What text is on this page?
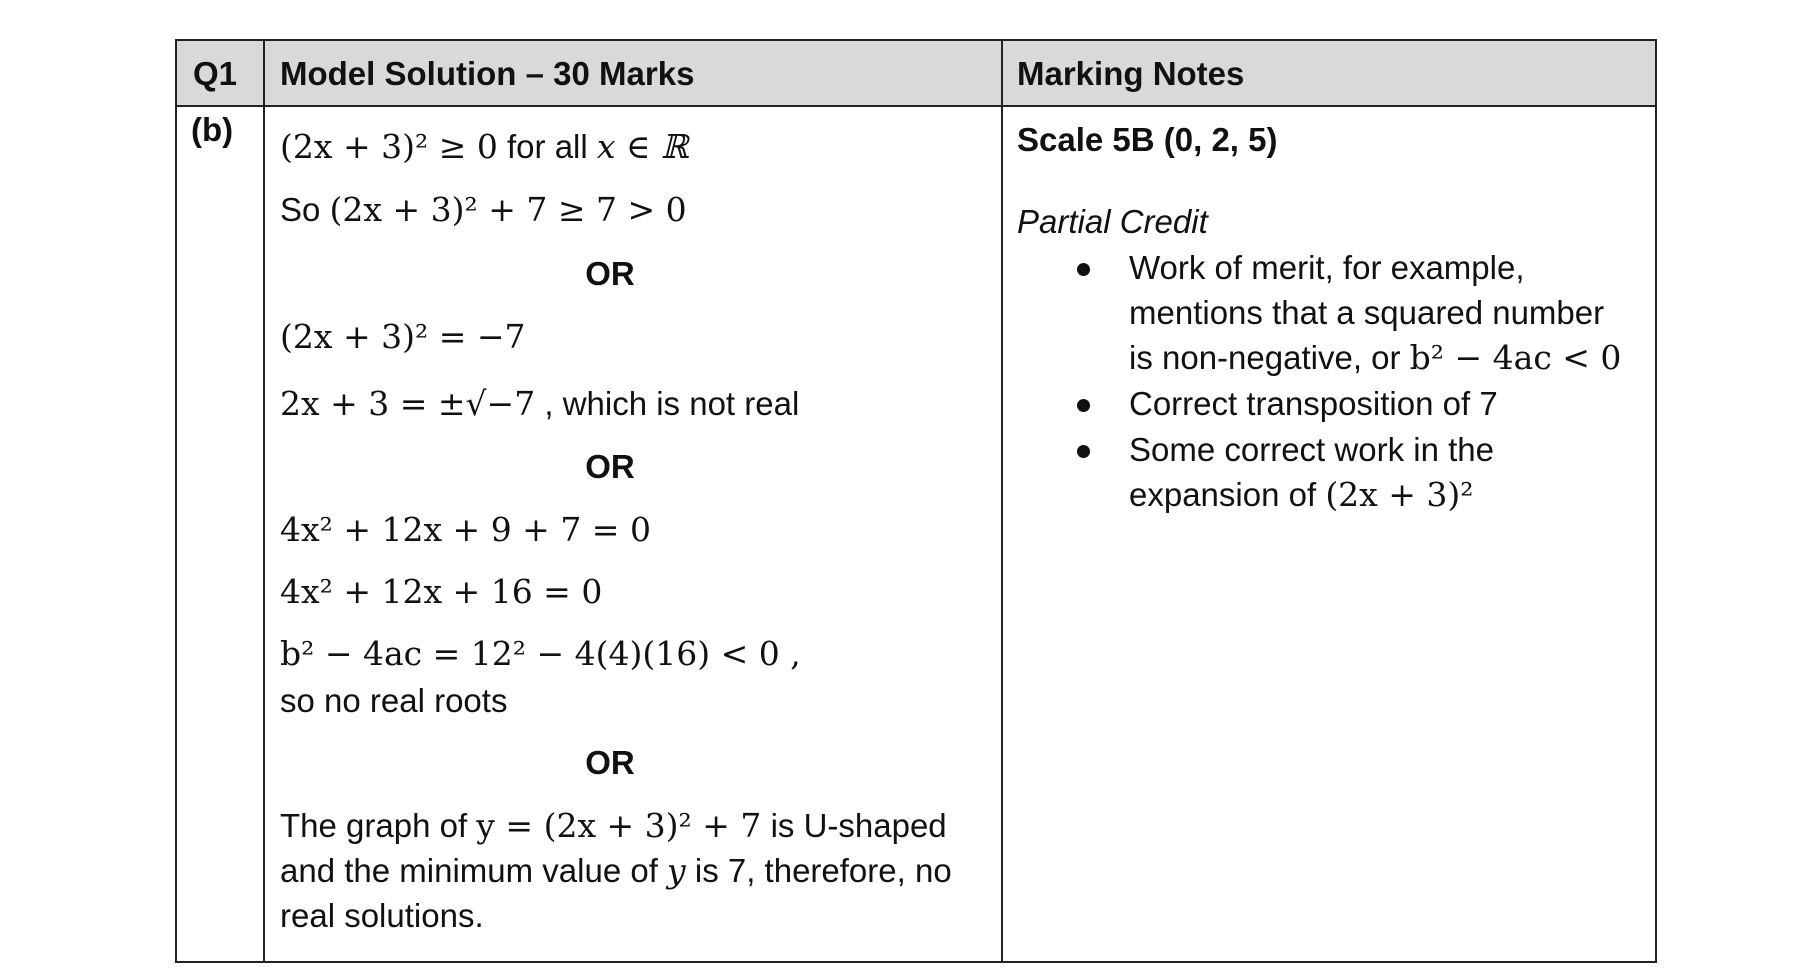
Q1 Model Solution – 30 Marks	Marking Notes
(b) (2x + 3)² ≥ 0 for all x ∈ ℝ
So (2x + 3)² + 7 ≥ 7 > 0
OR
(2x + 3)² = −7
2x + 3 = ±√−7 , which is not real
OR
4x² + 12x + 9 + 7 = 0
4x² + 12x + 16 = 0
b² − 4ac = 12² − 4(4)(16) < 0 ,
so no real roots
OR
The graph of y = (2x + 3)² + 7 is U-shaped
and the minimum value of y is 7, therefore, no
real solutions.
Scale 5B (0, 2, 5)
Partial Credit
Work of merit, for example,
mentions that a squared number
is non-negative, or b² − 4ac < 0
Correct transposition of 7
Some correct work in the
expansion of (2x + 3)²
